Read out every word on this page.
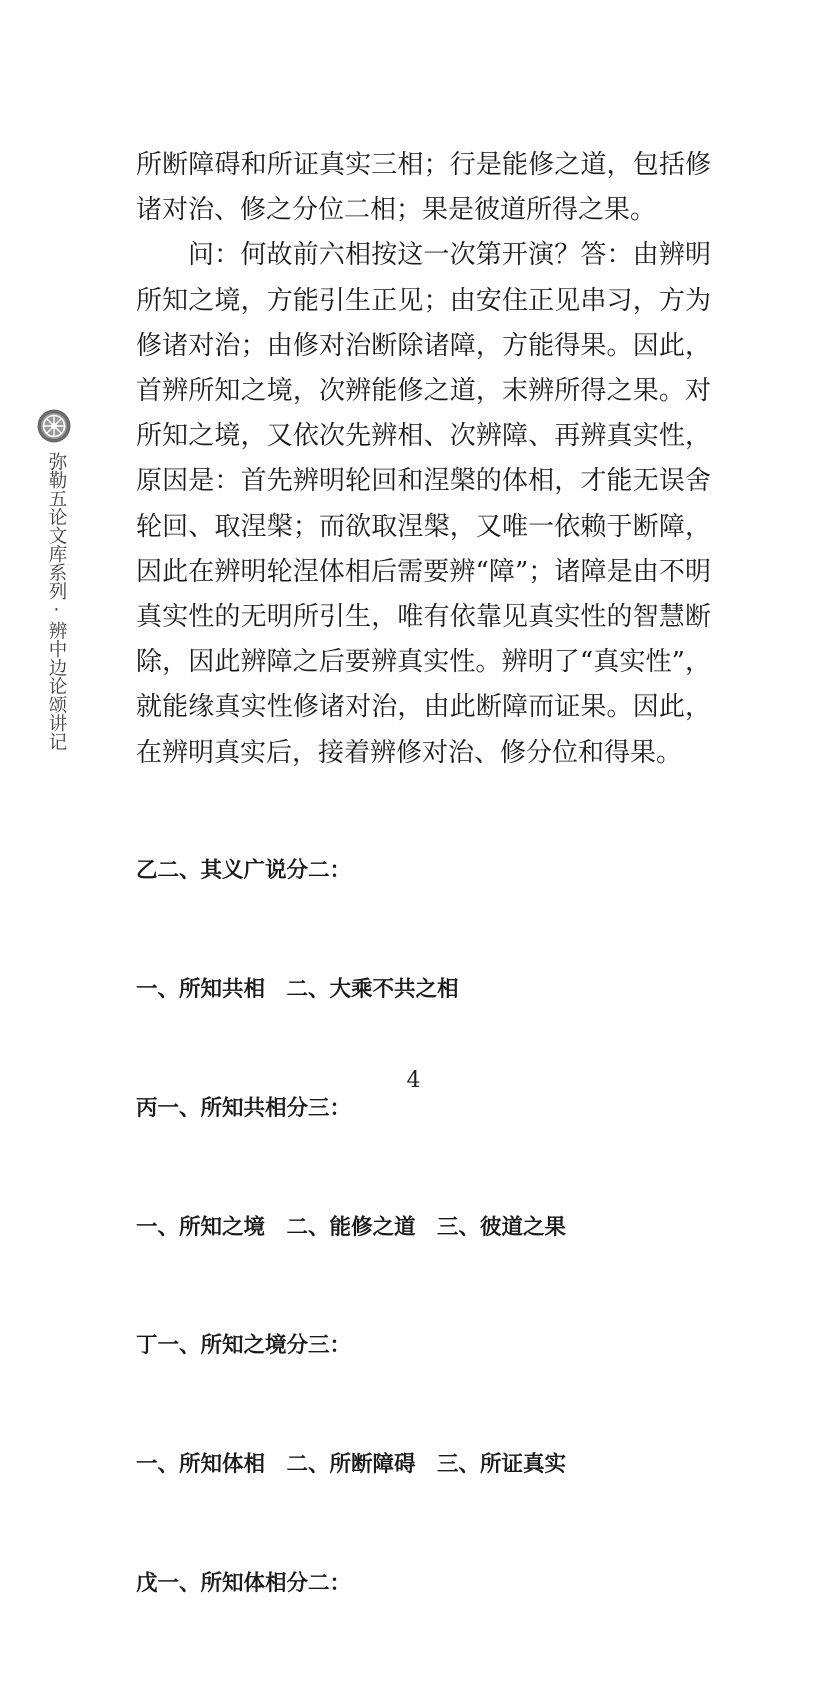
弥勒五论文库系列·辨中边论颂讲记

所断障碍和所证真实三相；行是能修之道，包括修诸对治、修之分位二相；果是彼道所得之果。

问：何故前六相按这一次第开演？答：由辨明所知之境，方能引生正见；由安住正见串习，方为修诸对治；由修对治断除诸障，方能得果。因此，首辨所知之境，次辨能修之道，末辨所得之果。对所知之境，又依次先辨相、次辨障、再辨真实性，原因是：首先辨明轮回和涅槃的体相，才能无误舍轮回、取涅槃；而欲取涅槃，又唯一依赖于断障，因此在辨明轮涅体相后需要辨“障”；诸障是由不明真实性的无明所引生，唯有依靠见真实性的智慧断除，因此辨障之后要辨真实性。辨明了“真实性”，就能缘真实性修诸对治，由此断障而证果。因此，在辨明真实后，接着辨修对治、修分位和得果。

乙二、其义广说分二：

一、所知共相　二、大乘不共之相

丙一、所知共相分三：

一、所知之境　二、能修之道　三、彼道之果

丁一、所知之境分三：

一、所知体相　二、所断障碍　三、所证真实

戊一、所知体相分二：

4
